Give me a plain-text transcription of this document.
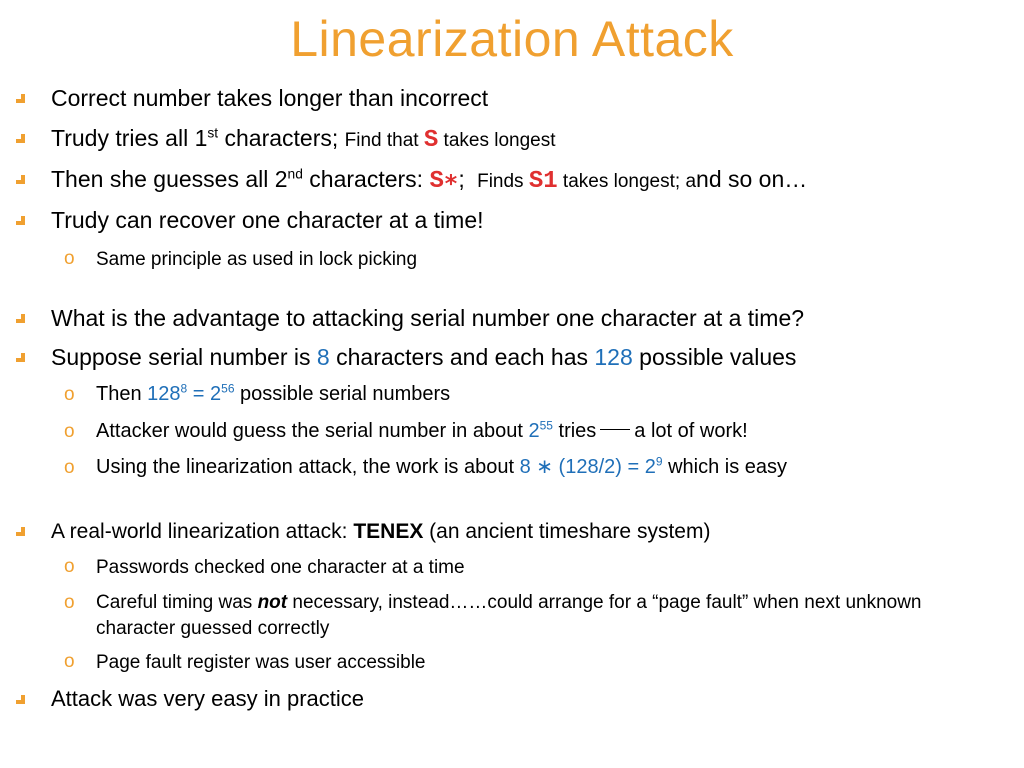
Linearization Attack
Correct number takes longer than incorrect
Trudy tries all 1st characters; Find that S takes longest
Then she guesses all 2nd characters: S∗; Finds S1 takes longest; and so on…
Trudy can recover one character at a time!
o Same principle as used in lock picking
What is the advantage to attacking serial number one character at a time?
Suppose serial number is 8 characters and each has 128 possible values
o Then $128^8 = 2^{56}$ possible serial numbers
o Attacker would guess the serial number in about $2^{55}$ tries a lot of work!
o Using the linearization attack, the work is about 8 ∗ $(128/2) = 2^9$ which is easy
A real-world linearization attack: TENEX (an ancient timeshare system)
o Passwords checked one character at a time
o Careful timing was not necessary, instead……could arrange for a “page fault” when next unknown
character guessed correctly
o Page fault register was user accessible
Attack was very easy in practice
